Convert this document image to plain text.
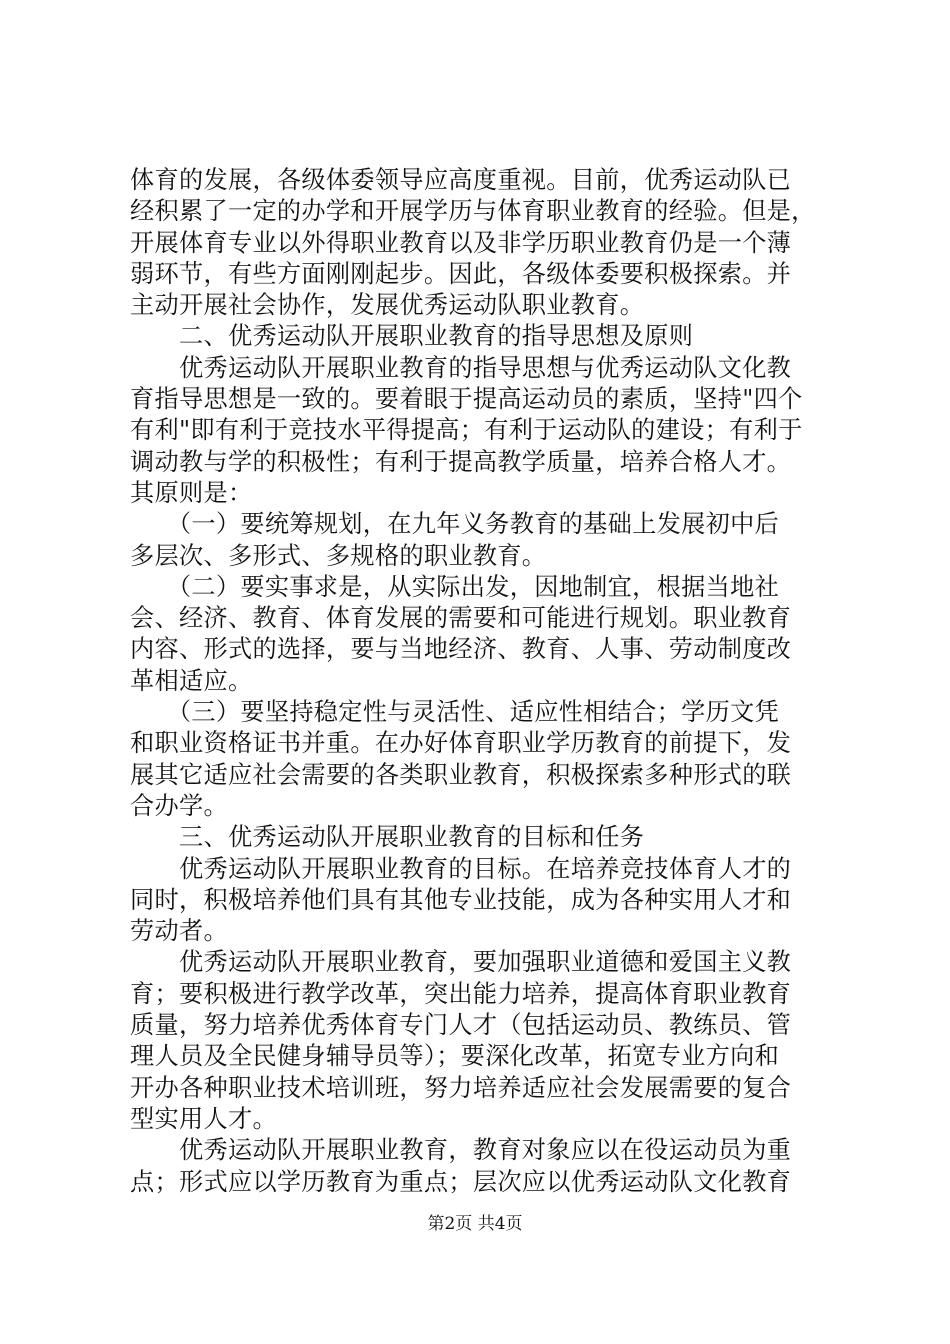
体育的发展，各级体委领导应高度重视。目前，优秀运动队已
经积累了一定的办学和开展学历与体育职业教育的经验。但是，
开展体育专业以外得职业教育以及非学历职业教育仍是一个薄
弱环节，有些方面刚刚起步。因此，各级体委要积极探索。并
主动开展社会协作，发展优秀运动队职业教育。
　　二、优秀运动队开展职业教育的指导思想及原则
　　优秀运动队开展职业教育的指导思想与优秀运动队文化教
育指导思想是一致的。要着眼于提高运动员的素质，坚持"四个
有利"即有利于竞技水平得提高；有利于运动队的建设；有利于
调动教与学的积极性；有利于提高教学质量，培养合格人才。
其原则是：
　　（一）要统筹规划，在九年义务教育的基础上发展初中后
多层次、多形式、多规格的职业教育。
　　（二）要实事求是，从实际出发，因地制宜，根据当地社
会、经济、教育、体育发展的需要和可能进行规划。职业教育
内容、形式的选择，要与当地经济、教育、人事、劳动制度改
革相适应。
　　（三）要坚持稳定性与灵活性、适应性相结合；学历文凭
和职业资格证书并重。在办好体育职业学历教育的前提下，发
展其它适应社会需要的各类职业教育，积极探索多种形式的联
合办学。
　　三、优秀运动队开展职业教育的目标和任务
　　优秀运动队开展职业教育的目标。在培养竞技体育人才的
同时，积极培养他们具有其他专业技能，成为各种实用人才和
劳动者。
　　优秀运动队开展职业教育，要加强职业道德和爱国主义教
育；要积极进行教学改革，突出能力培养，提高体育职业教育
质量，努力培养优秀体育专门人才（包括运动员、教练员、管
理人员及全民健身辅导员等）；要深化改革，拓宽专业方向和
开办各种职业技术培训班，努力培养适应社会发展需要的复合
型实用人才。
　　优秀运动队开展职业教育，教育对象应以在役运动员为重
点；形式应以学历教育为重点；层次应以优秀运动队文化教育
第2页 共4页
